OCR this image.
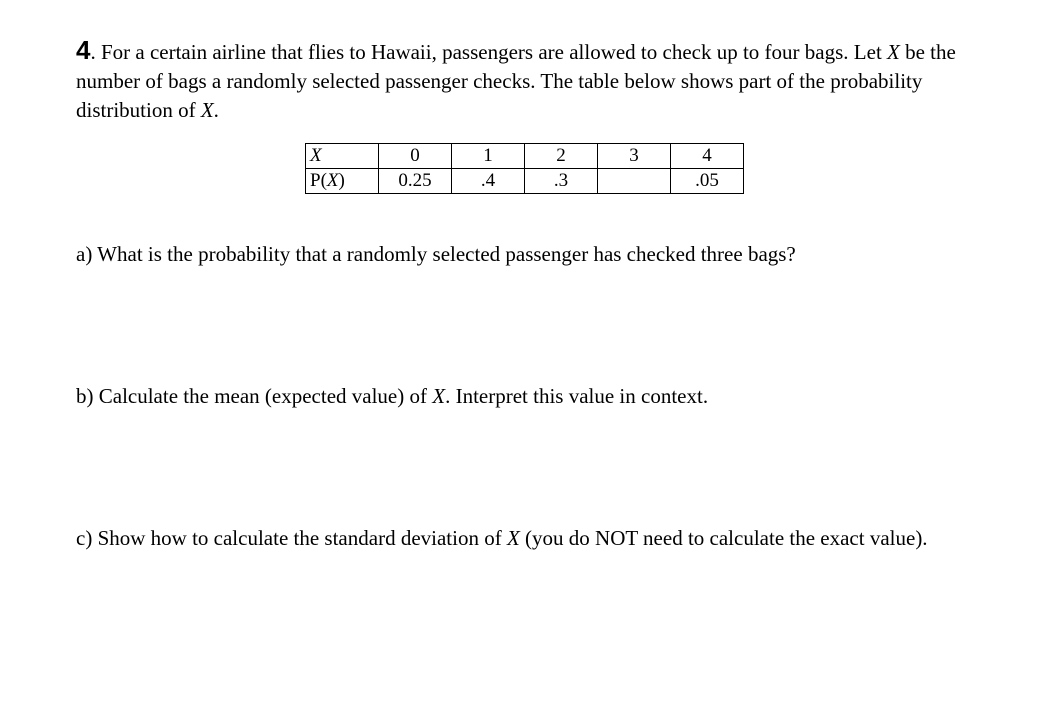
4. For a certain airline that flies to Hawaii, passengers are allowed to check up to four bags. Let X be the number of bags a randomly selected passenger checks. The table below shows part of the probability distribution of X.

X	0	1	2	3	4
P(X)	0.25	.4	.3		.05

a) What is the probability that a randomly selected passenger has checked three bags?

b) Calculate the mean (expected value) of X. Interpret this value in context.

c) Show how to calculate the standard deviation of X (you do NOT need to calculate the exact value).
